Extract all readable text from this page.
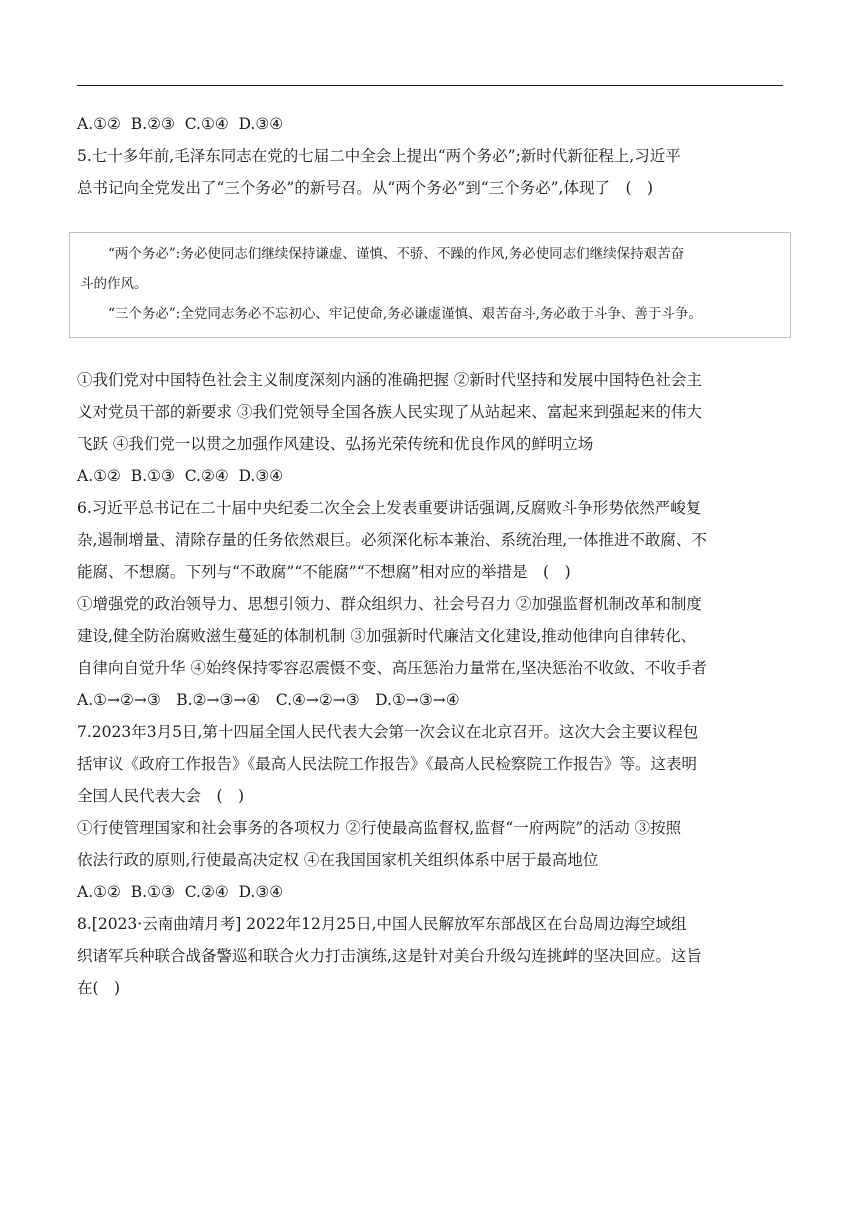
A.①②  B.②③  C.①④  D.③④
5.七十多年前,毛泽东同志在党的七届二中全会上提出“两个务必”;新时代新征程上,习近平
总书记向全党发出了“三个务必”的新号召。从“两个务必”到“三个务必”,体现了　(　)
“两个务必”:务必使同志们继续保持谦虚、谨慎、不骄、不躁的作风,务必使同志们继续保持艰苦奋
斗的作风。
“三个务必”:全党同志务必不忘初心、牢记使命,务必谦虚谨慎、艰苦奋斗,务必敢于斗争、善于斗争。
①我们党对中国特色社会主义制度深刻内涵的准确把握 ②新时代坚持和发展中国特色社会主
义对党员干部的新要求 ③我们党领导全国各族人民实现了从站起来、富起来到强起来的伟大
飞跃 ④我们党一以贯之加强作风建设、弘扬光荣传统和优良作风的鲜明立场
A.①②  B.①③  C.②④  D.③④
6.习近平总书记在二十届中央纪委二次全会上发表重要讲话强调,反腐败斗争形势依然严峻复
杂,遏制增量、清除存量的任务依然艰巨。必须深化标本兼治、系统治理,一体推进不敢腐、不
能腐、不想腐。下列与“不敢腐”“不能腐”“不想腐”相对应的举措是　(　)
①增强党的政治领导力、思想引领力、群众组织力、社会号召力 ②加强监督机制改革和制度
建设,健全防治腐败滋生蔓延的体制机制 ③加强新时代廉洁文化建设,推动他律向自律转化、
自律向自觉升华 ④始终保持零容忍震慑不变、高压惩治力量常在,坚决惩治不收敛、不收手者
A.①→②→③　B.②→③→④　C.④→②→③　D.①→③→④
7.2023年3月5日,第十四届全国人民代表大会第一次会议在北京召开。这次大会主要议程包
括审议《政府工作报告》《最高人民法院工作报告》《最高人民检察院工作报告》等。这表明
全国人民代表大会　(　)
①行使管理国家和社会事务的各项权力 ②行使最高监督权,监督“一府两院”的活动 ③按照
依法行政的原则,行使最高决定权 ④在我国国家机关组织体系中居于最高地位
A.①②  B.①③  C.②④  D.③④
8.[2023·云南曲靖月考] 2022年12月25日,中国人民解放军东部战区在台岛周边海空域组
织诸军兵种联合战备警巡和联合火力打击演练,这是针对美台升级勾连挑衅的坚决回应。这旨
在(　)
